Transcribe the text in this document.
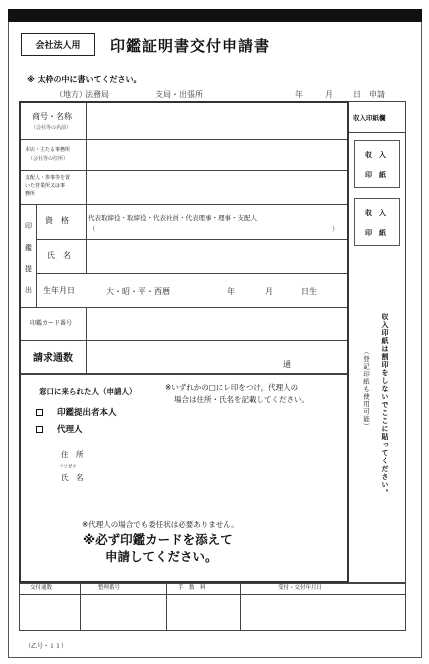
会社法人用	印鑑証明書交付申請書
※ 太枠の中に書いてください。
（地方）
法務局	支局・出張所	年	月	日　申請
商号・名称
（会社等の名前）
本店・主たる事務所
（会社等の住所）
支配人・参事等を置
いた営業所又は事
務所
印
鑑
提
出
資　格	代表取締役・取締役・代表社員・代表理事・理事・支配人
（	）
氏　名
生年月日	大・昭・平・西暦	年	月	日生
印鑑カード番号
請求通数
通
窓口に来られた人（申請人）	※いずれかの□にレ印をつけ，代理人の
場合は住所・氏名を記載してください。
印鑑提出者本人
代理人
住　所
フリガナ
氏　名
※代理人の場合でも委任状は必要ありません。
※必ず印鑑カードを添えて
申請してください。
収入印紙欄
収　入
印　紙
収　入
印　紙
収入印紙は割印をしないでここに貼ってください。
（登記印紙も使用可能）
交付通数	整理番号	手　数　料	受付・交付年月日
（乙号・１１）
